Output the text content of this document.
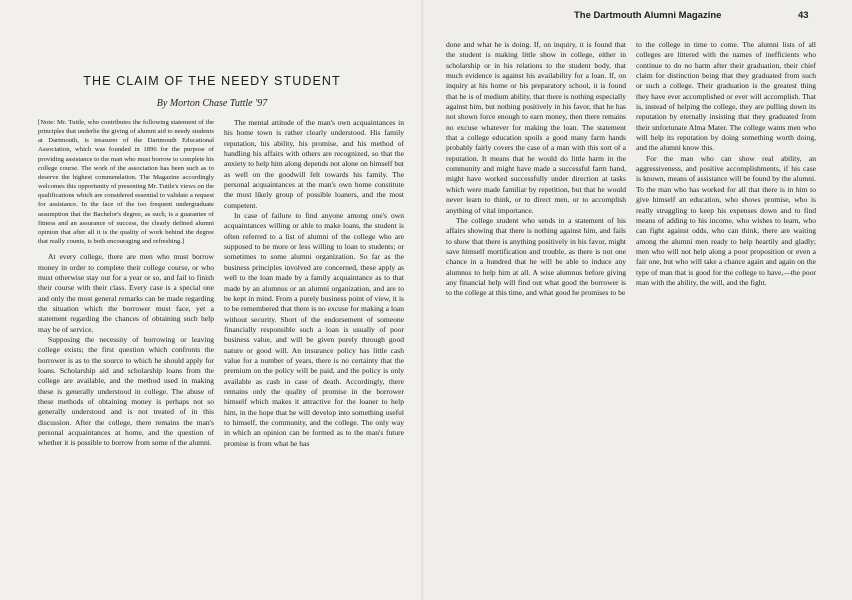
THE CLAIM OF THE NEEDY STUDENT
By Morton Chase Tuttle '97

[Note: Mr. Tuttle, who contributes the following statement of the principles that underlie the giving of alumni aid to needy students at Dartmouth, is treasurer of the Dartmouth Educational Association, which was founded in 1896 for the purpose of providing assistance to the man who must borrow to complete his college course. The work of the association has been such as to deserve the highest commendation. The Magazine accordingly welcomes this opportunity of presenting Mr. Tuttle's views on the qualifications which are considered essential to validate a request for assistance. In the face of the too frequent undergraduate assumption that the Bachelor's degree, as such, is a guarantee of fitness and an assurance of success, the clearly defined alumni opinion that after all it is the quality of work behind the degree that really counts, is both encouraging and refreshing.]

At every college, there are men who must borrow money in order to complete their college course, or who must otherwise stay out for a year or so, and fail to finish their course with their class. Every case is a special one and only the most general remarks can be made regarding the situation which the borrower must face, yet a statement regarding the chances of obtaining such help may be of service.

Supposing the necessity of borrowing or leaving college exists; the first question which confronts the borrower is as to the source to which he should apply for loans. Scholarship aid and scholarship loans from the college are available, and the method used in making these is generally understood in college. The abuse of these methods of obtaining money is perhaps not so generally understood and is not treated of in this discussion. After the college, there remains the man's personal acquaintances at home, and the question of whether it is possible to borrow from some of the alumni.

The mental attitude of the man's own acquaintances in his home town is rather clearly understood. His family reputation, his ability, his promise, and his method of handling his affairs with others are recognized, so that the anxiety to help him along depends not alone on himself but as well on the goodwill felt towards his family. The personal acquaintances at the man's own home constitute the most likely group of possible loaners, and the most competent.

In case of failure to find anyone among one's own acquaintances willing or able to make loans, the student is often referred to a list of alumni of the college who are supposed to be more or less willing to loan to students; or sometimes to some alumni organization. So far as the business principles involved are concerned, these apply as well to the loan made by a family acquaintance as to that made by an alumnus or an alumni organization, and are to be kept in mind. From a purely business point of view, it is to be remembered that there is no excuse for making a loan without security. Short of the endorsement of someone financially responsible such a loan is usually of poor business value, and will be given purely through good nature or good will. An insurance policy has little cash value for a number of years, there is no certainty that the premium on the policy will be paid, and the policy is only available as cash in case of death. Accordingly, there remains only the quality of promise in the borrower himself which makes it attractive for the loaner to help him, in the hope that he will develop into something useful to himself, the community, and the college. The only way in which an opinion can be formed as to the man's future promise is from what he has

The Dartmouth Alumni Magazine	43

done and what he is doing. If, on inquiry, it is found that the student is making little show in college, either in scholarship or in his relations to the student body, that much evidence is against his availability for a loan. If, on inquiry at his home or his preparatory school, it is found that he is of medium ability, that there is nothing especially against him, but nothing positively in his favor, that he has not shown force enough to earn money, then there remains no excuse whatever for making the loan. The statement that a college education spoils a good many farm hands probably fairly covers the case of a man with this sort of a reputation. It means that he would do little harm in the community and might have made a successful farm hand, might have worked successfully under direction at tasks which were made familiar by repetition, but that he would never learn to think, or to direct men, or to accomplish anything of vital importance.

The college student who sends in a statement of his affairs showing that there is nothing against him, and fails to show that there is anything positively in his favor, might save himself mortification and trouble, as there is not one chance in a hundred that he will be able to induce any alumnus to help him at all. A wise alumnus before giving any financial help will find out what good the borrower is to the college at this time, and what good he promises to be

to the college in time to come. The alumni lists of all colleges are littered with the names of inefficients who continue to do no harm after their graduation, their chief claim for distinction being that they graduated from such or such a college. Their graduation is the greatest thing they have ever accomplished or ever will accomplish. That is, instead of helping the college, they are pulling down its reputation by eternally insisting that they graduated from their unfortunate Alma Mater. The college wants men who will help its reputation by doing something worth doing, and the alumni know this.

For the man who can show real ability, an aggressiveness, and positive accomplishments, if his case is known, means of assistance will be found by the alumni. To the man who has worked for all that there is in him to give himself an education, who shows promise, who is really struggling to keep his expenses down and to find means of adding to his income, who wishes to learn, who can fight against odds, who can think, there are waiting among the alumni men ready to help heartily and gladly; men who will not help along a poor proposition or even a fair one, but who will take a chance again and again on the type of man that is good for the college to have,—the poor man with the ability, the will, and the fight.
